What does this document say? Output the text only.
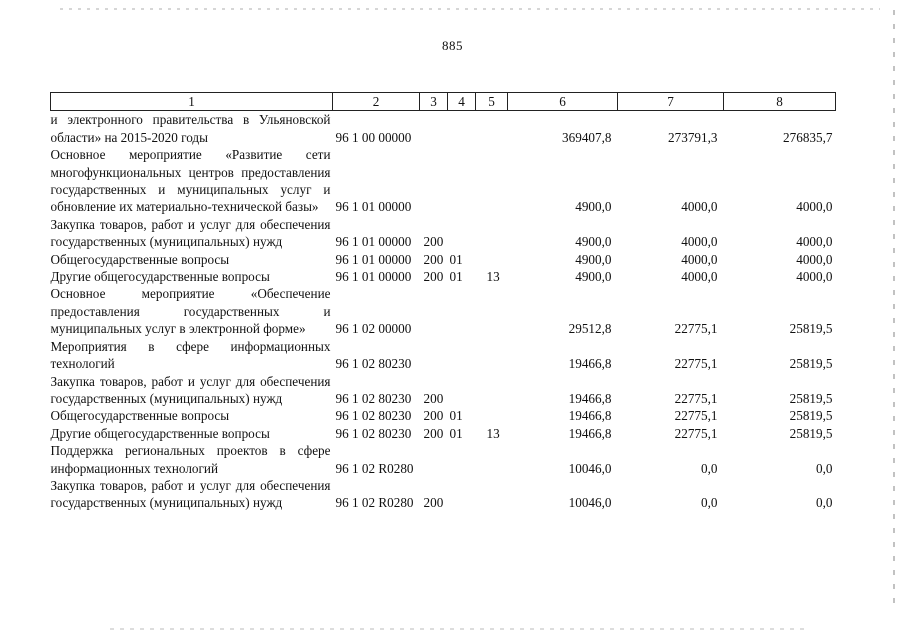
885
1	2	3	4	5	6	7	8

и электронного правительства в Ульяновской области» на 2015-2020 годы	96 1 00 00000				369407,8	273791,3	276835,7

Основное мероприятие «Развитие сети многофункциональных центров предоставления государственных и муниципальных услуг и обновление их материально-технической базы»	96 1 01 00000				4900,0	4000,0	4000,0

Закупка товаров, работ и услуг для обеспечения государственных (муниципальных) нужд	96 1 01 00000	200			4900,0	4000,0	4000,0

Общегосударственные вопросы	96 1 01 00000	200	01		4900,0	4000,0	4000,0

Другие общегосударственные вопросы	96 1 01 00000	200	01	13	4900,0	4000,0	4000,0

Основное мероприятие «Обеспечение предоставления государственных и муниципальных услуг в электронной форме»	96 1 02 00000				29512,8	22775,1	25819,5

Мероприятия в сфере информационных технологий	96 1 02 80230				19466,8	22775,1	25819,5

Закупка товаров, работ и услуг для обеспечения государственных (муниципальных) нужд	96 1 02 80230	200			19466,8	22775,1	25819,5

Общегосударственные вопросы	96 1 02 80230	200	01		19466,8	22775,1	25819,5

Другие общегосударственные вопросы	96 1 02 80230	200	01	13	19466,8	22775,1	25819,5

Поддержка региональных проектов в сфере информационных технологий	96 1 02 R0280				10046,0	0,0	0,0

Закупка товаров, работ и услуг для обеспечения государственных (муниципальных) нужд	96 1 02 R0280	200			10046,0	0,0	0,0
